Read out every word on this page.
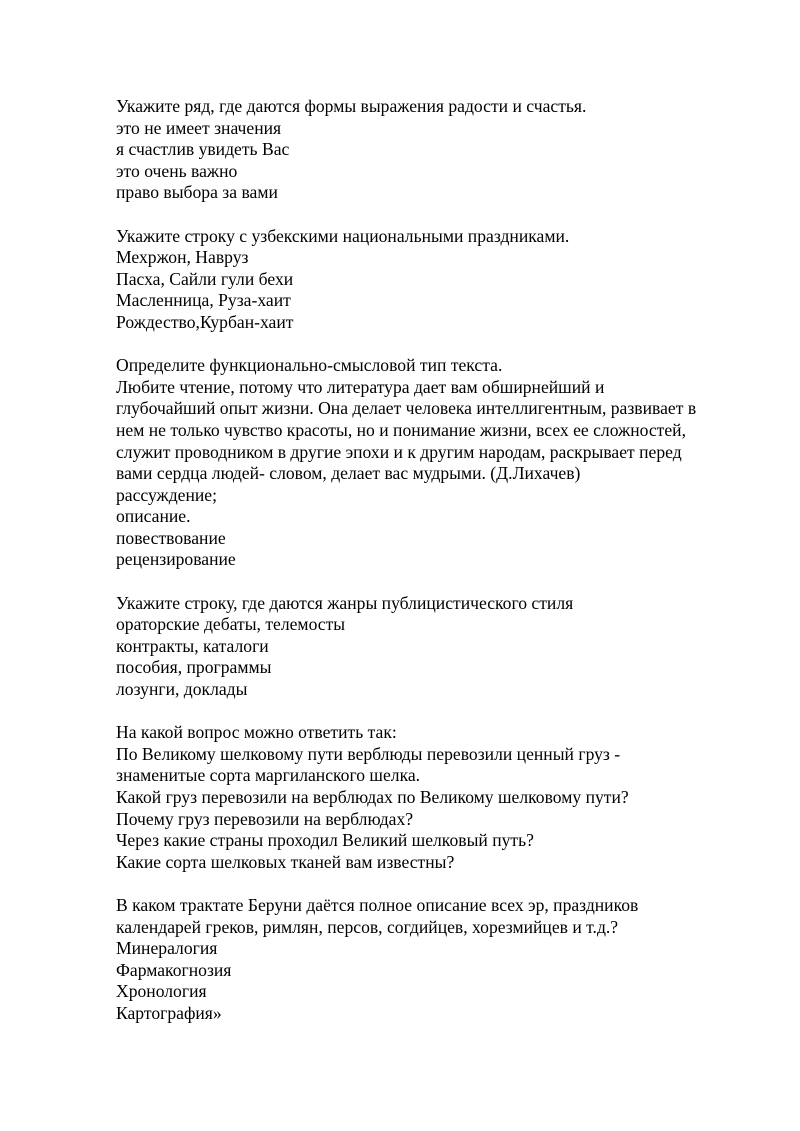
Укажите ряд, где даются формы выражения радости и счастья.
это не имеет значения
я счастлив увидеть Вас
это очень важно
право выбора за вами
Укажите строку с узбекскими национальными праздниками.
Мехржон, Навруз
Пасха, Сайли гули бехи
Масленница, Руза-хаит
Рождество,Курбан-хаит
Определите функционально-смысловой тип текста.
Любите чтение, потому что литература дает вам обширнейший и
глубочайший опыт жизни. Она делает человека интеллигентным, развивает в
нем не только чувство красоты, но и понимание жизни, всех ее сложностей,
служит проводником в другие эпохи и к другим народам, раскрывает перед
вами сердца людей- словом, делает вас мудрыми. (Д.Лихачев)
рассуждение;
описание.
повествование
рецензирование
Укажите строку, где даются жанры публицистического стиля
ораторские дебаты, телемосты
контракты, каталоги
пособия, программы
лозунги, доклады
На какой вопрос можно ответить так:
По Великому шелковому пути верблюды перевозили ценный груз -
знаменитые сорта маргиланского шелка.
Какой груз перевозили на верблюдах по Великому шелковому пути?
Почему груз перевозили на верблюдах?
Через какие страны проходил Великий шелковый путь?
Какие сорта шелковых тканей вам известны?
В каком трактате Беруни даётся полное описание всех эр, праздников
календарей греков, римлян, персов, согдийцев, хорезмийцев и т.д.?
Минералогия
Фармакогнозия
Хронология
Картография»
